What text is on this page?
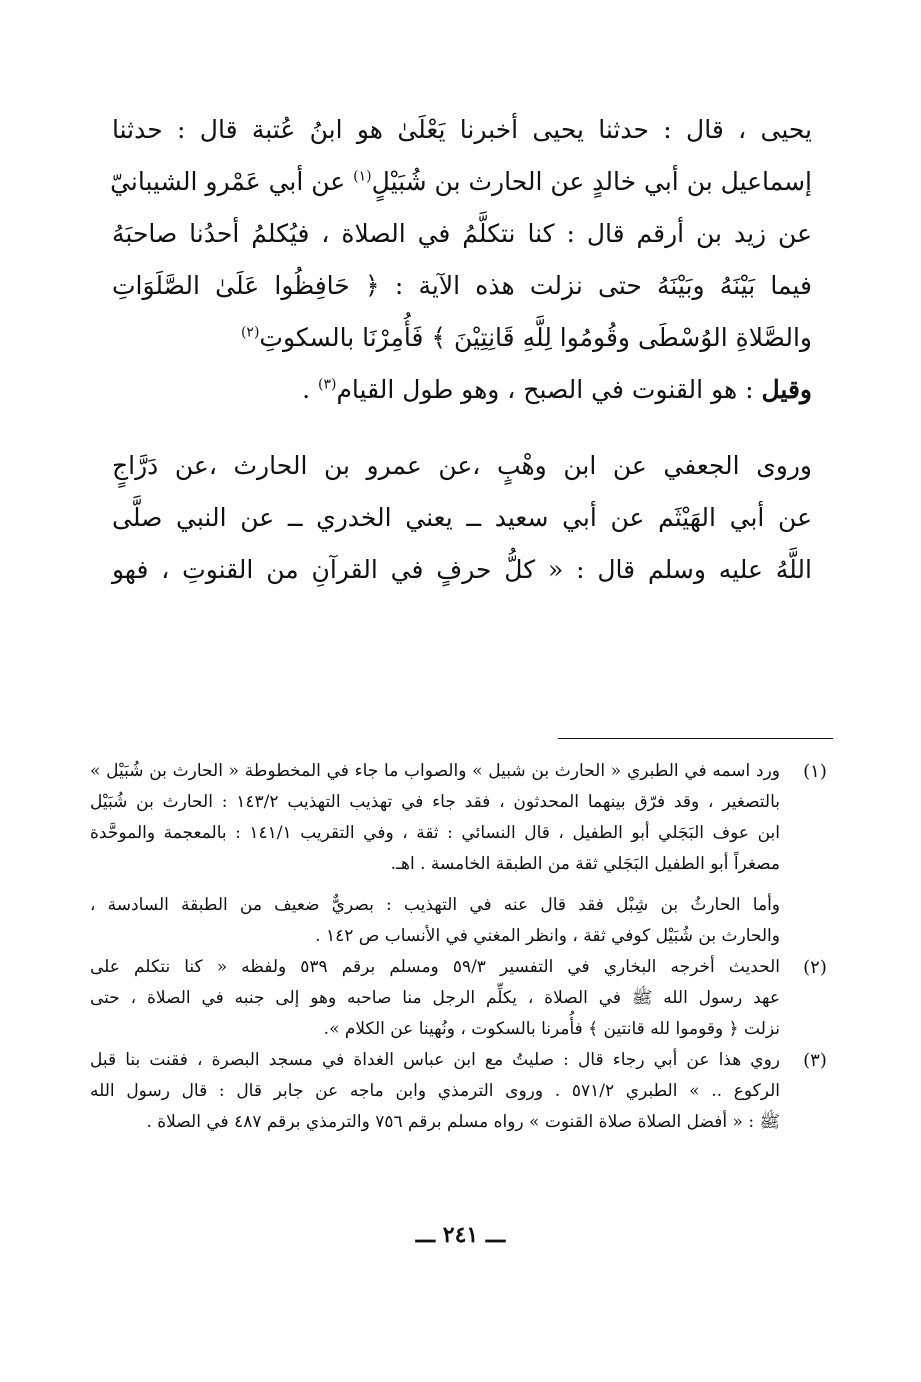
يحيى ، قال : حدثنا يحيى أخبرنا يَعْلَىٰ هو ابنُ عُتبة قال : حدثنا
إسماعيل بن أبي خالدٍ عن الحارث بن شُبَيْلٍ$^{(١)}$ عن أبي عَمْرو الشيبانيّ
عن زيد بن أرقم قال : كنا نتكلَّمُ في الصلاة ، فيُكلمُ أحدُنا صاحبَهُ
فيما بَيْنَهُ وبَيْنَهُ حتى نزلت هذه الآية : ﴿ حَافِظُوا عَلَىٰ الصَّلَوَاتِ
والصَّلاةِ الوُسْطَى وقُومُوا لِلَّهِ قَانِتِيْنَ ﴾ فَأُمِرْنَا بالسكوتِ$^{(٢)}$
وقيل : هو القنوت في الصبح ، وهو طول القيام$^{(٣)}$ .
وروى الجعفي عن ابن وهْبٍ ،عن عمرو بن الحارث ،عن دَرَّاجٍ
عن أبي الهَيْثَم عن أبي سعيد ــ يعني الخدري ــ عن النبي صلَّى
اللَّهُ عليه وسلم قال : « كلُّ حرفٍ في القرآنِ من القنوتِ ، فهو
(١)
ورد اسمه في الطبري « الحارث بن شبيل » والصواب ما جاء في المخطوطة « الحارث بن شُبَيْل »
بالتصغير ، وقد فرّق بينهما المحدثون ، فقد جاء في تهذيب التهذيب ١٤٣/٢ : الحارث بن شُبَيْل
ابن عوف البَجَلي أبو الطفيل ، قال النسائي : ثقة ، وفي التقريب ١٤١/١ : بالمعجمة والموحَّدة
مصغراً أبو الطفيل البَجَلي ثقة من الطبقة الخامسة . اهـ.
وأما الحارثُ بن شِبْل فقد قال عنه في التهذيب : بصريٌّ ضعيف من الطبقة السادسة ،
والحارث بن شُبَيْل كوفي ثقة ، وانظر المغني في الأنساب ص ١٤٢ .
(٢)
الحديث أخرجه البخاري في التفسير ٥٩/٣ ومسلم برقم ٥٣٩ ولفظه « كنا نتكلم على
عهد رسول الله ﷺ في الصلاة ، يكلِّم الرجل منا صاحبه وهو إلى جنبه في الصلاة ، حتى
نزلت ﴿ وقوموا لله قانتين ﴾ فأُمرنا بالسكوت ، ونُهينا عن الكلام ».
(٣)
روي هذا عن أبي رجاء قال : صليتُ مع ابن عباس الغداة في مسجد البصرة ، فقنت بنا قبل
الركوع .. » الطبري ٥٧١/٢ . وروى الترمذي وابن ماجه عن جابر قال : قال رسول الله
ﷺ : « أفضل الصلاة صلاة القنوت » رواه مسلم برقم ٧٥٦ والترمذي برقم ٤٨٧ في الصلاة .
ـــ ٢٤١ ـــ
